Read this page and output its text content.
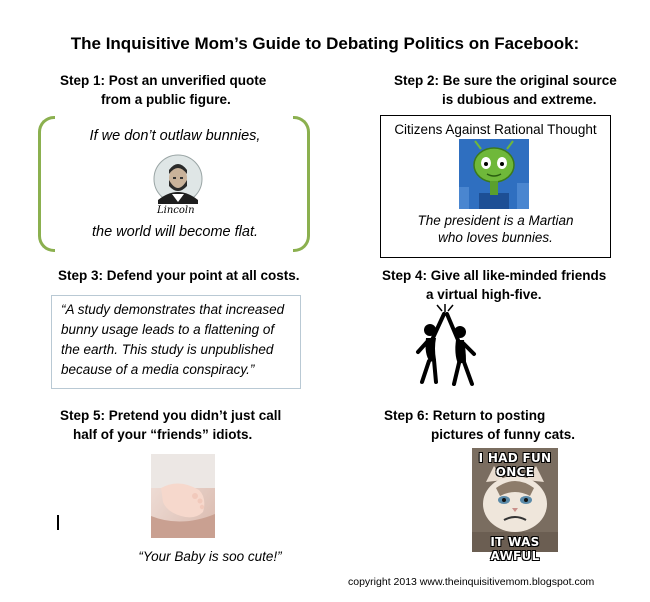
The Inquisitive Mom’s Guide to Debating Politics on Facebook:
Step 1: Post an unverified quote
from a public figure.
If we don’t outlaw bunnies,
Lincoln
the world will become flat.
Step 2: Be sure the original source
is dubious and extreme.
Citizens Against Rational Thought
The president is a Martian
who loves bunnies.
Step 3: Defend your point at all costs.
“A study demonstrates that increased
bunny usage leads to a flattening of
the earth. This study is unpublished
because of a media conspiracy.”
Step 4: Give all like-minded friends
a virtual high-five.
Step 5: Pretend you didn’t just call
half of your “friends” idiots.
“Your Baby is soo cute!”
Step 6: Return to posting
pictures of funny cats.
I HAD FUN ONCE
IT WAS AWFUL
copyright 2013 www.theinquisitivemom.blogspot.com
